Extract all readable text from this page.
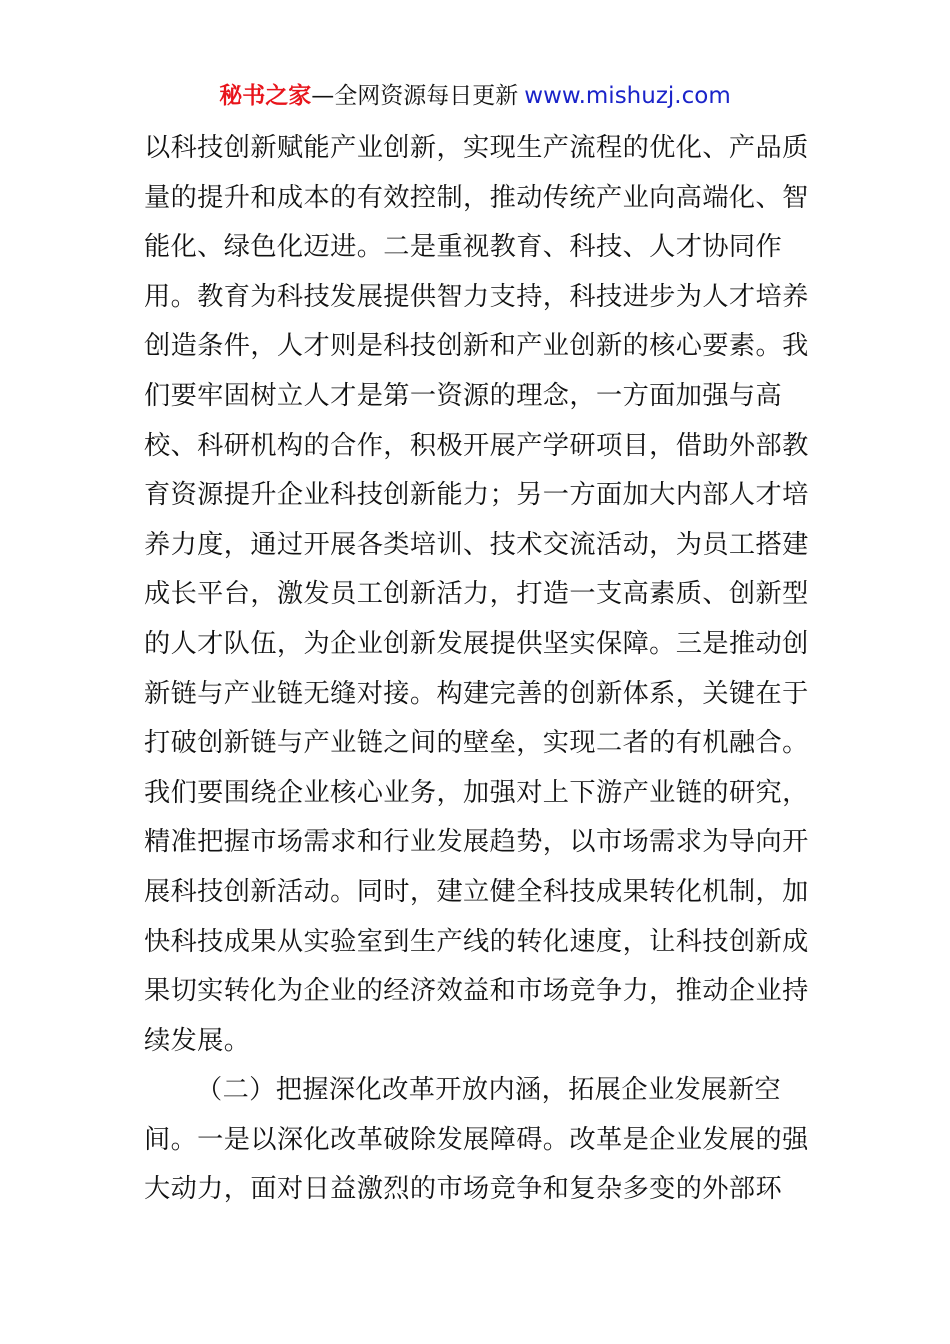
秘书之家—全网资源每日更新 www.mishuzj.com
以科技创新赋能产业创新，实现生产流程的优化、产品质
量的提升和成本的有效控制，推动传统产业向高端化、智
能化、绿色化迈进。二是重视教育、科技、人才协同作
用。教育为科技发展提供智力支持，科技进步为人才培养
创造条件，人才则是科技创新和产业创新的核心要素。我
们要牢固树立人才是第一资源的理念，一方面加强与高
校、科研机构的合作，积极开展产学研项目，借助外部教
育资源提升企业科技创新能力；另一方面加大内部人才培
养力度，通过开展各类培训、技术交流活动，为员工搭建
成长平台，激发员工创新活力，打造一支高素质、创新型
的人才队伍，为企业创新发展提供坚实保障。三是推动创
新链与产业链无缝对接。构建完善的创新体系，关键在于
打破创新链与产业链之间的壁垒，实现二者的有机融合。
我们要围绕企业核心业务，加强对上下游产业链的研究，
精准把握市场需求和行业发展趋势，以市场需求为导向开
展科技创新活动。同时，建立健全科技成果转化机制，加
快科技成果从实验室到生产线的转化速度，让科技创新成
果切实转化为企业的经济效益和市场竞争力，推动企业持
续发展。
（二）把握深化改革开放内涵，拓展企业发展新空
间。一是以深化改革破除发展障碍。改革是企业发展的强
大动力，面对日益激烈的市场竞争和复杂多变的外部环
